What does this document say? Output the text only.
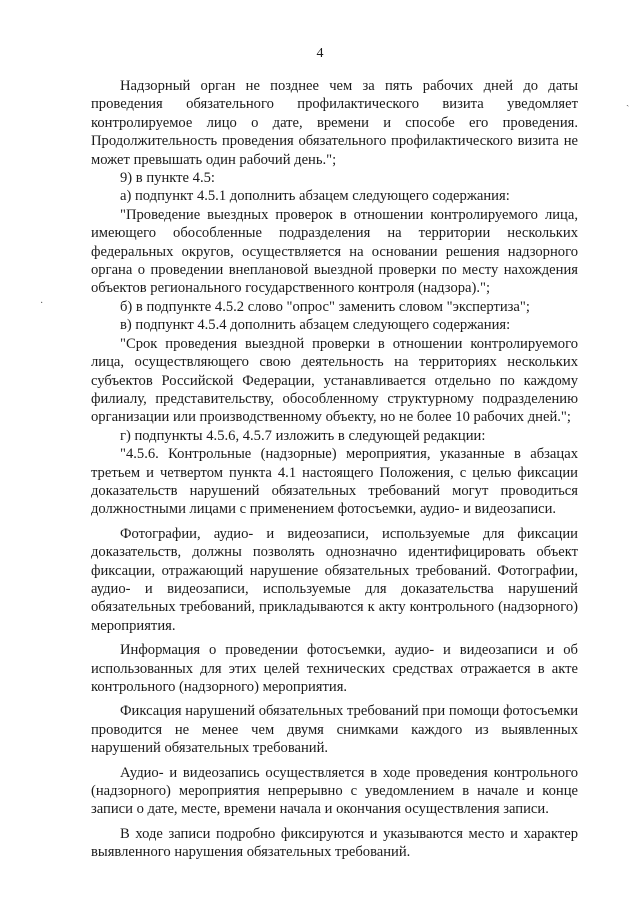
4

Надзорный орган не позднее чем за пять рабочих дней до даты проведения обязательного профилактического визита уведомляет контролируемое лицо о дате, времени и способе его проведения. Продолжительность проведения обязательного профилактического визита не может превышать один рабочий день.";

9) в пункте 4.5:

а) подпункт 4.5.1 дополнить абзацем следующего содержания:

"Проведение выездных проверок в отношении контролируемого лица, имеющего обособленные подразделения на территории нескольких федеральных округов, осуществляется на основании решения надзорного органа о проведении внеплановой выездной проверки по месту нахождения объектов регионального государственного контроля (надзора).";

б) в подпункте 4.5.2 слово "опрос" заменить словом "экспертиза";

в) подпункт 4.5.4 дополнить абзацем следующего содержания:

"Срок проведения выездной проверки в отношении контролируемого лица, осуществляющего свою деятельность на территориях нескольких субъектов Российской Федерации, устанавливается отдельно по каждому филиалу, представительству, обособленному структурному подразделению организации или производственному объекту, но не более 10 рабочих дней.";

г) подпункты 4.5.6, 4.5.7 изложить в следующей редакции:

"4.5.6. Контрольные (надзорные) мероприятия, указанные в абзацах третьем и четвертом пункта 4.1 настоящего Положения, с целью фиксации доказательств нарушений обязательных требований могут проводиться должностными лицами с применением фотосъемки, аудио- и видеозаписи.

Фотографии, аудио- и видеозаписи, используемые для фиксации доказательств, должны позволять однозначно идентифицировать объект фиксации, отражающий нарушение обязательных требований. Фотографии, аудио- и видеозаписи, используемые для доказательства нарушений обязательных требований, прикладываются к акту контрольного (надзорного) мероприятия.

Информация о проведении фотосъемки, аудио- и видеозаписи и об использованных для этих целей технических средствах отражается в акте контрольного (надзорного) мероприятия.

Фиксация нарушений обязательных требований при помощи фотосъемки проводится не менее чем двумя снимками каждого из выявленных нарушений обязательных требований.

Аудио- и видеозапись осуществляется в ходе проведения контрольного (надзорного) мероприятия непрерывно с уведомлением в начале и конце записи о дате, месте, времени начала и окончания осуществления записи.

В ходе записи подробно фиксируются и указываются место и характер выявленного нарушения обязательных требований.

ˎ
·
